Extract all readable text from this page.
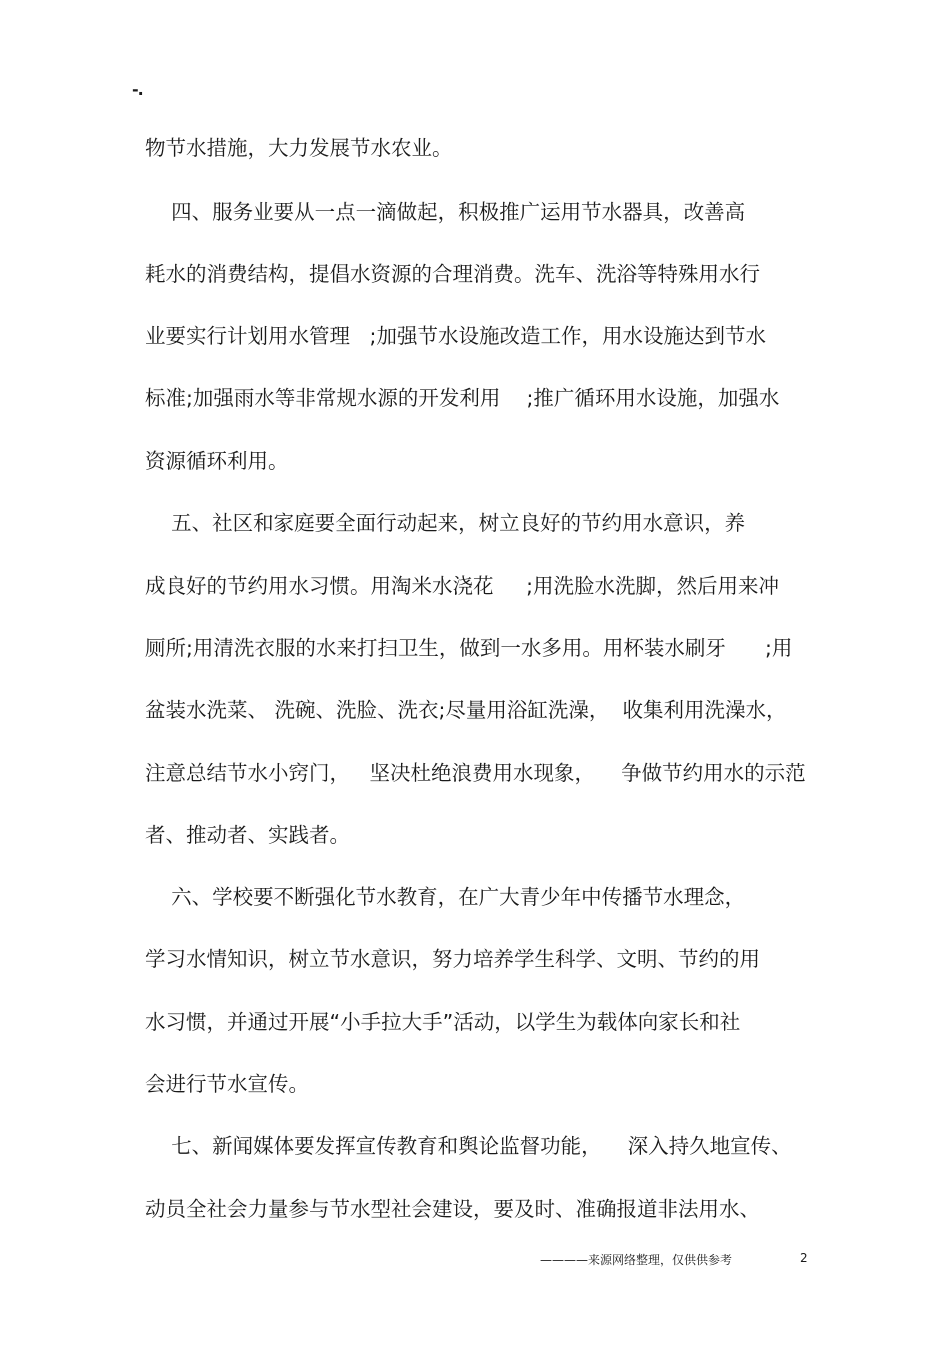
-.
物节水措施，大力发展节水农业。
四、服务业要从一点一滴做起，积极推广运用节水器具，改善高
耗水的消费结构，提倡水资源的合理消费。洗车、洗浴等特殊用水行
业要实行计划用水管理   ;加强节水设施改造工作，用水设施达到节水
标准;加强雨水等非常规水源的开发利用    ;推广循环用水设施，加强水
资源循环利用。
五、社区和家庭要全面行动起来，树立良好的节约用水意识，养
成良好的节约用水习惯。用淘米水浇花     ;用洗脸水洗脚，然后用来冲
厕所;用清洗衣服的水来打扫卫生，做到一水多用。用杯装水刷牙      ;用
盆装水洗菜、 洗碗、洗脸、洗衣;尽量用浴缸洗澡，  收集利用洗澡水，
注意总结节水小窍门，   坚决杜绝浪费用水现象，    争做节约用水的示范
者、推动者、实践者。
六、学校要不断强化节水教育，在广大青少年中传播节水理念，
学习水情知识，树立节水意识，努力培养学生科学、文明、节约的用
水习惯，并通过开展“小手拉大手”活动，以学生为载体向家长和社
会进行节水宣传。
七、新闻媒体要发挥宣传教育和舆论监督功能，    深入持久地宣传、
动员全社会力量参与节水型社会建设，要及时、准确报道非法用水、
————来源网络整理，仅供供参考	2
